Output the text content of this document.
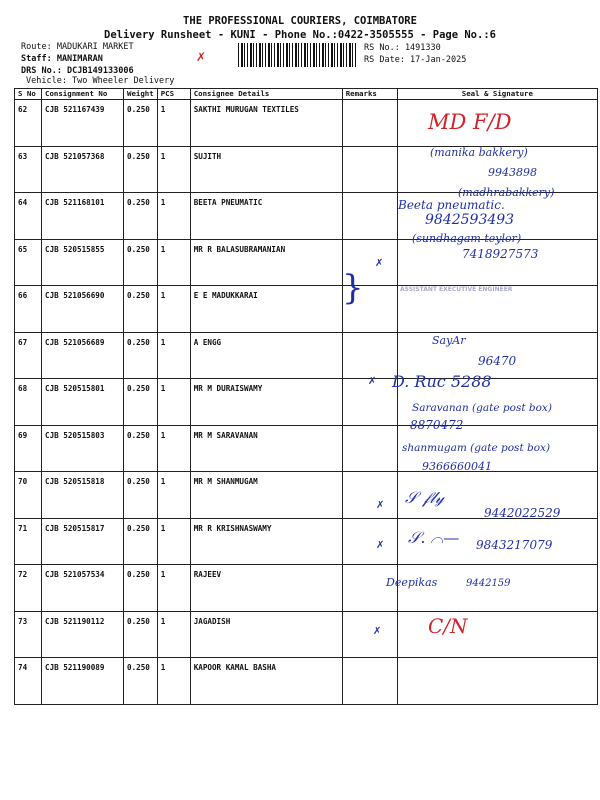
THE PROFESSIONAL COURIERS, COIMBATORE
Delivery Runsheet - KUNI - Phone No.:0422-3505555 - Page No.:6
Route: MADUKARI MARKET
Staff: MANIMARAN
DRS No.: DCJB149133006
Vehicle: Two Wheeler Delivery
RS No.: 1491330
RS Date: 17-Jan-2025
✗
S No	Consignment No	Weight	PCS	Consignee Details	Remarks	Seal & Signature
62	CJB 521167439	0.250	1	SAKTHI MURUGAN TEXTILES		
63	CJB 521057368	0.250	1	SUJITH		
64	CJB 521168101	0.250	1	BEETA PNEUMATIC		
65	CJB 520515855	0.250	1	MR R BALASUBRAMANIAN		
66	CJB 521056690	0.250	1	E E MADUKKARAI		
67	CJB 521056689	0.250	1	A ENGG		
68	CJB 520515801	0.250	1	MR M DURAISWAMY		
69	CJB 520515803	0.250	1	MR M SARAVANAN		
70	CJB 520515818	0.250	1	MR M SHANMUGAM		
71	CJB 520515817	0.250	1	MR R KRISHNASWAMY		
72	CJB 521057534	0.250	1	RAJEEV		
73	CJB 521190112	0.250	1	JAGADISH		
74	CJB 521190089	0.250	1	KAPOOR KAMAL BASHA		
MD F/D
(manika bakkery)
9943898
(madhrabakkery)
Beeta pneumatic.
9842593493
(sundhagam teylor)
7418927573
✗
}	ASSISTANT EXECUTIVE ENGINEER
SayAr
96470
✗ D. Ruc 5288
Saravanan (gate post box)
8870472
shanmugam (gate post box)
9366660041
𝒮 𝒻𝓁𝓎
✗
9442022529
𝒮. ⌒—
✗	9843217079
Deepikas	9442159
C/N
✗
